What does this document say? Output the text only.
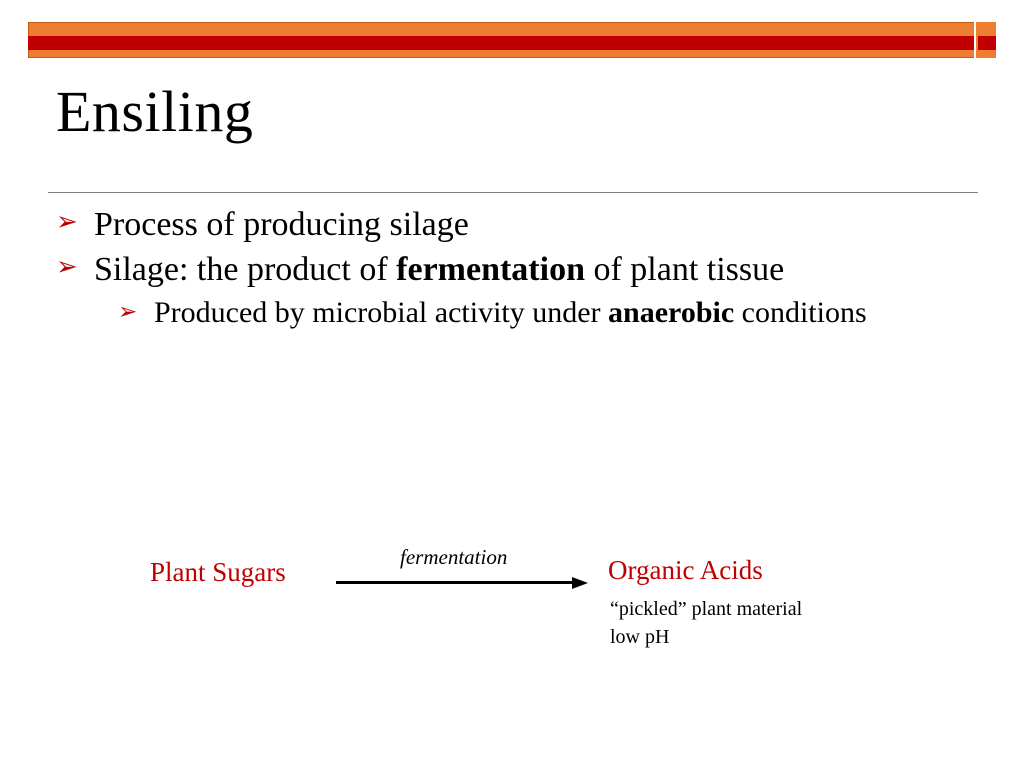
Ensiling
➢ Process of producing silage
➢ Silage: the product of fermentation of plant tissue
➢ Produced by microbial activity under anaerobic conditions
Plant Sugars	fermentation	Organic Acids
“pickled” plant material
low pH
